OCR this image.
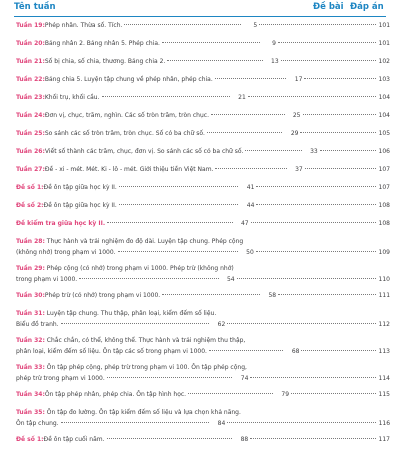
Tên tuần	Đề bài Đáp án
Tuần 19: Phép nhân. Thừa số. Tích.	5	101
Tuần 20: Bảng nhân 2. Bảng nhân 5. Phép chia.	9	101
Tuần 21: Số bị chia, số chia, thương. Bảng chia 2.	13	102
Tuần 22: Bảng chia 5. Luyện tập chung về phép nhân, phép chia.	17	103
Tuần 23: Khối trụ, khối cầu.	21	104
Tuần 24: Đơn vị, chục, trăm, nghìn. Các số tròn trăm, tròn chục.	25	104
Tuần 25: So sánh các số tròn trăm, tròn chục. Số có ba chữ số.	29	105
Tuần 26: Viết số thành các trăm, chục, đơn vị. So sánh các số có ba chữ số.	33	106
Tuần 27: Đề - xi - mét. Mét. Ki - lô - mét. Giới thiệu tiền Việt Nam.	37	107
Đề số 1: Đề ôn tập giữa học kỳ II.	41	107
Đề số 2: Đề ôn tập giữa học kỳ II.	44	108
Đề kiểm tra giữa học kỳ II.	47	108
Tuần 28: Thực hành và trải nghiệm đo độ dài. Luyện tập chung. Phép cộng
(không nhớ) trong phạm vi 1000.	50	109
Tuần 29: Phép cộng (có nhớ) trong phạm vi 1000. Phép trừ (không nhớ)
trong phạm vi 1000.	54	110
Tuần 30: Phép trừ (có nhớ) trong phạm vi 1000.	58	111
Tuần 31: Luyện tập chung. Thu thập, phân loại, kiểm đếm số liệu.
Biểu đồ tranh.	62	112
Tuần 32: Chắc chắn, có thể, không thể. Thực hành và trải nghiệm thu thập,
phân loại, kiểm đếm số liệu. Ôn tập các số trong phạm vi 1000.	68	113
Tuần 33: Ôn tập phép cộng, phép trừ trong phạm vi 100. Ôn tập phép cộng,
phép trừ trong phạm vi 1000.	74	114
Tuần 34: Ôn tập phép nhân, phép chia. Ôn tập hình học.	79	115
Tuần 35: Ôn tập đo lường. Ôn tập kiểm đếm số liệu và lựa chọn khả năng.
Ôn tập chung.	84	116
Đề số 1: Đề ôn tập cuối năm.	88	117
